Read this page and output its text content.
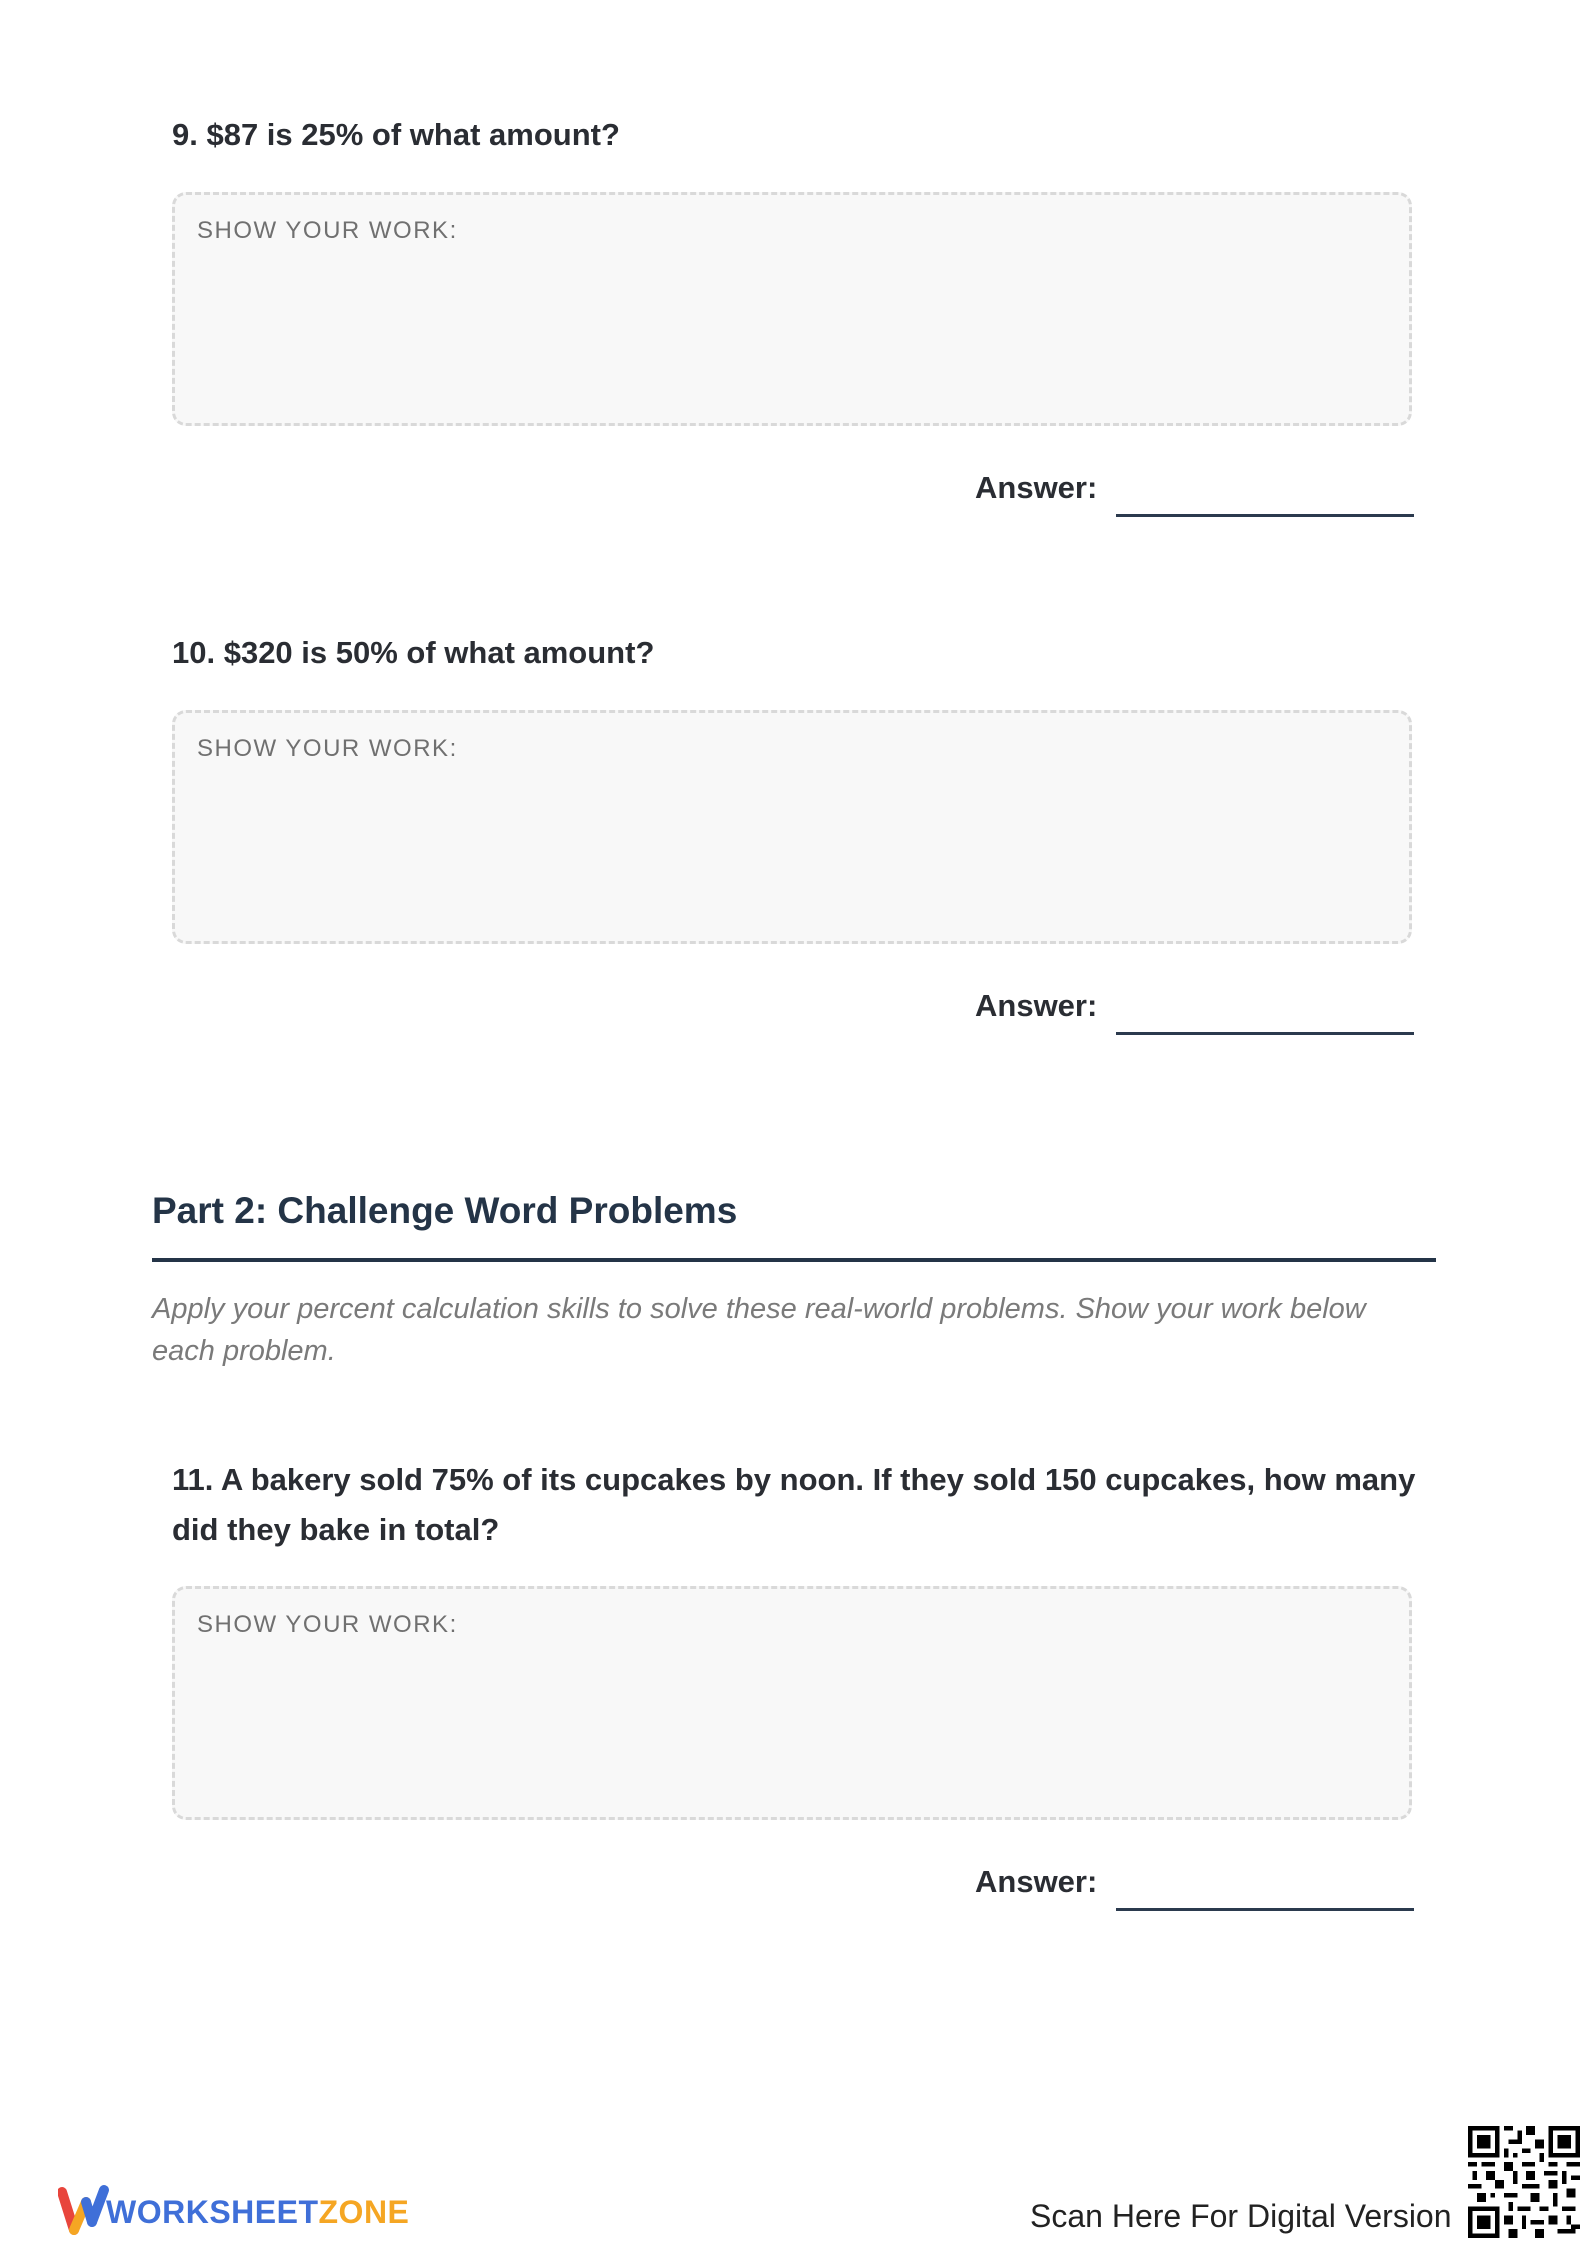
9. $87 is 25% of what amount?
SHOW YOUR WORK:
Answer:
10. $320 is 50% of what amount?
SHOW YOUR WORK:
Answer:
Part 2: Challenge Word Problems
Apply your percent calculation skills to solve these real-world problems. Show your work below each problem.
11. A bakery sold 75% of its cupcakes by noon. If they sold 150 cupcakes, how many did they bake in total?
SHOW YOUR WORK:
Answer:
WORKSHEETZONE	Scan Here For Digital Version
